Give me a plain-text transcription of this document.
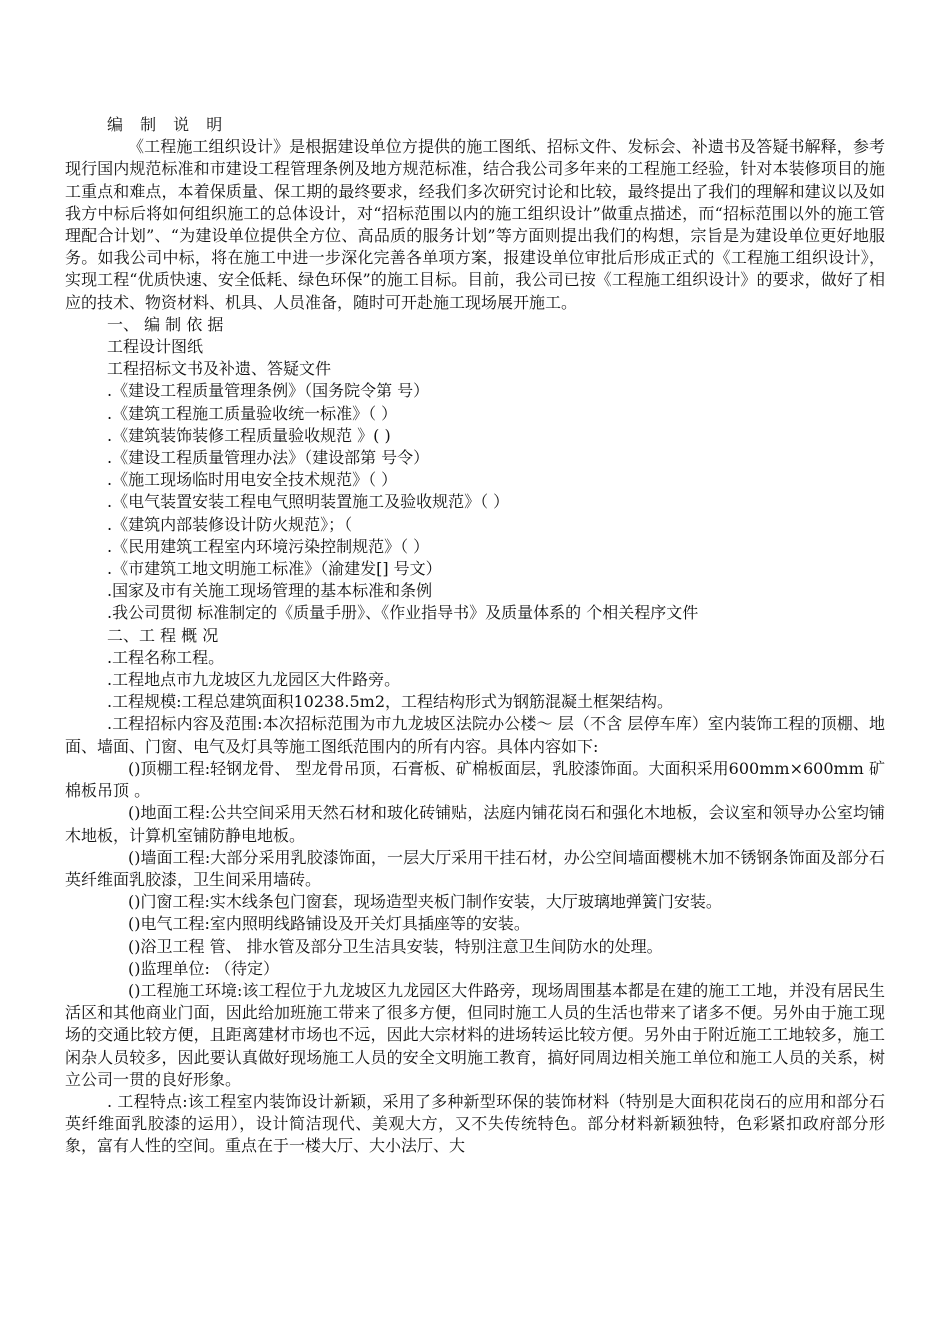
编 制 说 明

《工程施工组织设计》是根据建设单位方提供的施工图纸、招标文件、发标会、补遗书及答疑书解释，参考现行国内规范标准和市建设工程管理条例及地方规范标准，结合我公司多年来的工程施工经验，针对本装修项目的施工重点和难点，本着保质量、保工期的最终要求，经我们多次研究讨论和比较，最终提出了我们的理解和建议以及如我方中标后将如何组织施工的总体设计，对“招标范围以内的施工组织设计”做重点描述，而“招标范围以外的施工管理配合计划”、“为建设单位提供全方位、高品质的服务计划”等方面则提出我们的构想，宗旨是为建设单位更好地服务。如我公司中标，将在施工中进一步深化完善各单项方案，报建设单位审批后形成正式的《工程施工组织设计》，实现工程“优质快速、安全低耗、绿色环保”的施工目标。目前，我公司已按《工程施工组织设计》的要求，做好了相应的技术、物资材料、机具、人员准备，随时可开赴施工现场展开施工。

一、 编 制 依 据

工程设计图纸

工程招标文书及补遗、答疑文件

.《建设工程质量管理条例》（国务院令第 号）

.《建筑工程施工质量验收统一标准》（ ）

.《建筑装饰装修工程质量验收规范 》( )

.《建设工程质量管理办法》（建设部第 号令）

.《施工现场临时用电安全技术规范》（ ）

.《电气装置安装工程电气照明装置施工及验收规范》（ ）

.《建筑内部装修设计防火规范》；（

.《民用建筑工程室内环境污染控制规范》（ ）

.《市建筑工地文明施工标准》（渝建发[] 号文）

.国家及市有关施工现场管理的基本标准和条例

.我公司贯彻 标准制定的《质量手册》、《作业指导书》及质量体系的 个相关程序文件

二、工 程 概 况

.工程名称工程。

.工程地点市九龙坡区九龙园区大件路旁。

.工程规模:工程总建筑面积10238.5m2，工程结构形式为钢筋混凝土框架结构。

.工程招标内容及范围:本次招标范围为市九龙坡区法院办公楼～ 层（不含 层停车库）室内装饰工程的顶棚、地面、墙面、门窗、电气及灯具等施工图纸范围内的所有内容。具体内容如下:

()顶棚工程:轻钢龙骨、 型龙骨吊顶，石膏板、矿棉板面层，乳胶漆饰面。大面积采用600mm×600mm 矿棉板吊顶 。

()地面工程:公共空间采用天然石材和玻化砖铺贴，法庭内铺花岗石和强化木地板，会议室和领导办公室均铺木地板，计算机室铺防静电地板。

()墙面工程:大部分采用乳胶漆饰面，一层大厅采用干挂石材，办公空间墙面樱桃木加不锈钢条饰面及部分石英纤维面乳胶漆，卫生间采用墙砖。

()门窗工程:实木线条包门窗套，现场造型夹板门制作安装，大厅玻璃地弹簧门安装。

()电气工程:室内照明线路铺设及开关灯具插座等的安装。

()浴卫工程 管、 排水管及部分卫生洁具安装，特别注意卫生间防水的处理。

()监理单位: （待定）

()工程施工环境:该工程位于九龙坡区九龙园区大件路旁，现场周围基本都是在建的施工工地，并没有居民生活区和其他商业门面，因此给加班施工带来了很多方便，但同时施工人员的生活也带来了诸多不便。另外由于施工现场的交通比较方便，且距离建材市场也不远，因此大宗材料的进场转运比较方便。另外由于附近施工工地较多，施工闲杂人员较多，因此要认真做好现场施工人员的安全文明施工教育，搞好同周边相关施工单位和施工人员的关系，树立公司一贯的良好形象。

. 工程特点:该工程室内装饰设计新颖，采用了多种新型环保的装饰材料（特别是大面积花岗石的应用和部分石英纤维面乳胶漆的运用），设计简洁现代、美观大方，又不失传统特色。部分材料新颖独特，色彩紧扣政府部分形象，富有人性的空间。重点在于一楼大厅、大小法厅、大
